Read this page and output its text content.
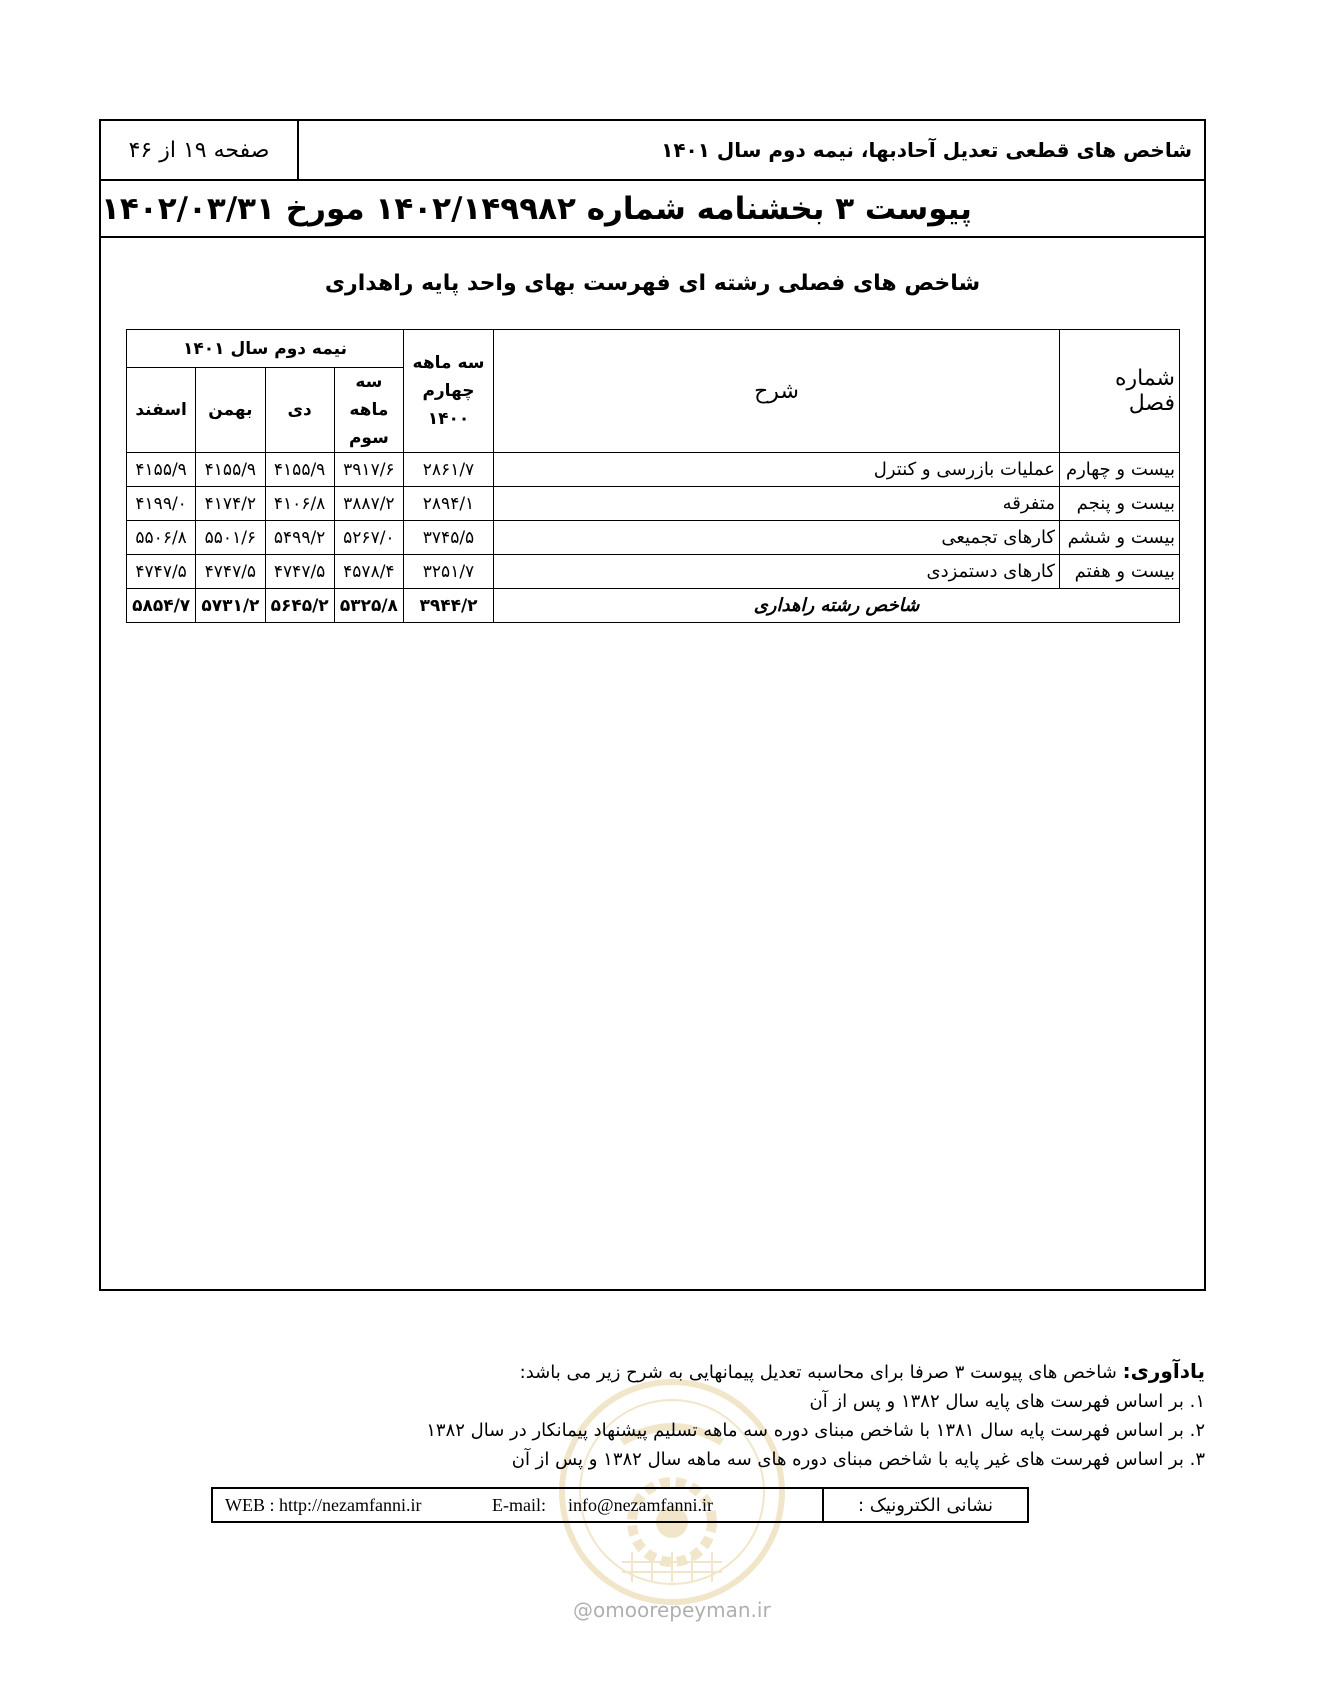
صفحه ۱۹ از ۴۶	شاخص های قطعی تعدیل آحادبها، نیمه دوم سال ۱۴۰۱
پیوست ۳ بخشنامه شماره ۱۴۰۲/۱۴۹۹۸۲ مورخ ۱۴۰۲/۰۳/۳۱
شاخص های فصلی رشته ای فهرست بهای واحد پایه راهداری
شماره فصل	شرح	سه ماهه چهارم ۱۴۰۰	نیمه دوم سال ۱۴۰۱			
			سه ماهه سوم	دی	بهمن	اسفند
بیست و چهارم	عملیات بازرسی و کنترل	۲۸۶۱/۷	۳۹۱۷/۶	۴۱۵۵/۹	۴۱۵۵/۹	۴۱۵۵/۹
بیست و پنجم	متفرقه	۲۸۹۴/۱	۳۸۸۷/۲	۴۱۰۶/۸	۴۱۷۴/۲	۴۱۹۹/۰
بیست و ششم	کارهای تجمیعی	۳۷۴۵/۵	۵۲۶۷/۰	۵۴۹۹/۲	۵۵۰۱/۶	۵۵۰۶/۸
بیست و هفتم	کارهای دستمزدی	۳۲۵۱/۷	۴۵۷۸/۴	۴۷۴۷/۵	۴۷۴۷/۵	۴۷۴۷/۵
شاخص رشته راهداری		۳۹۴۴/۲	۵۳۲۵/۸	۵۶۴۵/۲	۵۷۳۱/۲	۵۸۵۴/۷
یادآوری: شاخص های پیوست ۳ صرفا برای محاسبه تعدیل پیمانهایی به شرح زیر می باشد:
۱. بر اساس فهرست های پایه سال ۱۳۸۲ و پس از آن
۲. بر اساس فهرست پایه سال ۱۳۸۱ با شاخص مبنای دوره سه ماهه تسلیم پیشنهاد پیمانکار در سال ۱۳۸۲
۳. بر اساس فهرست های غیر پایه با شاخص مبنای دوره های سه ماهه سال ۱۳۸۲ و پس از آن
WEB : http://nezamfanni.ir	E-mail: info@nezamfanni.ir	نشانی الکترونیک :
@omoorepeyman.ir
